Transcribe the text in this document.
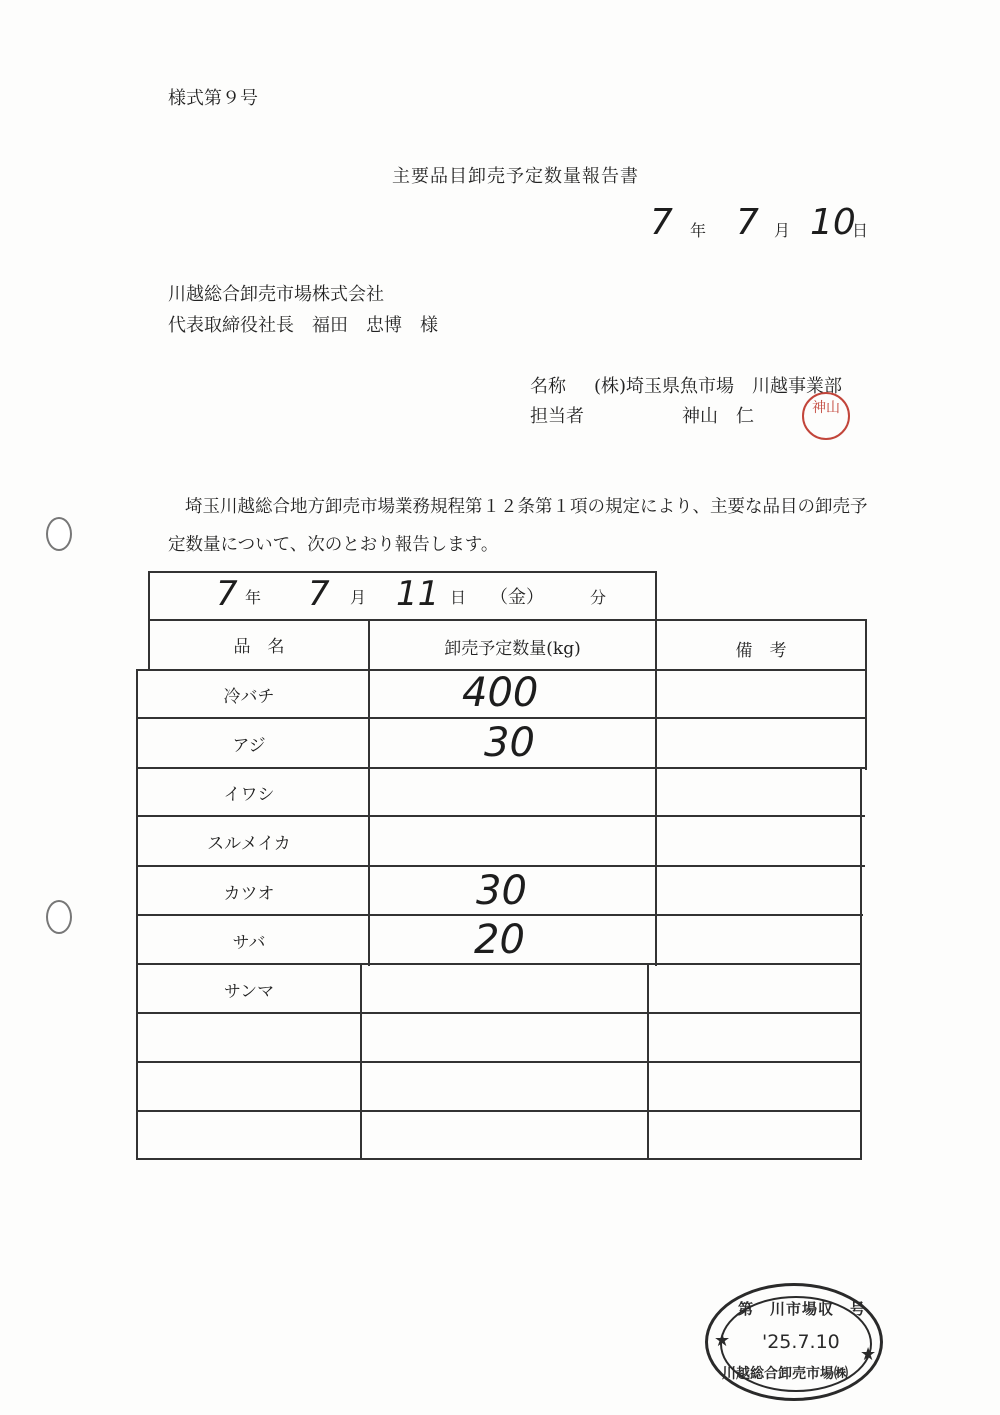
様式第９号
主要品目卸売予定数量報告書
7 年 7 月 10
日
川越総合卸売市場株式会社
代表取締役社長　福田　忠博　様
名称 (株)埼玉県魚市場　川越事業部
担当者	神山　仁	神山
埼玉川越総合地方卸売市場業務規程第１２条第１項の規定により、主要な品目の卸売予定数量について、次のとおり報告します。
7 年 7 月 11 日 （金）	分
品　名	卸売予定数量(kg)	備　考
冷バチ	400
アジ	30
イワシ
スルメイカ
カツオ	30
サバ	20
サンマ
第　川市場収　号
'25.7.10
川越総合卸売市場㈱
★
★
